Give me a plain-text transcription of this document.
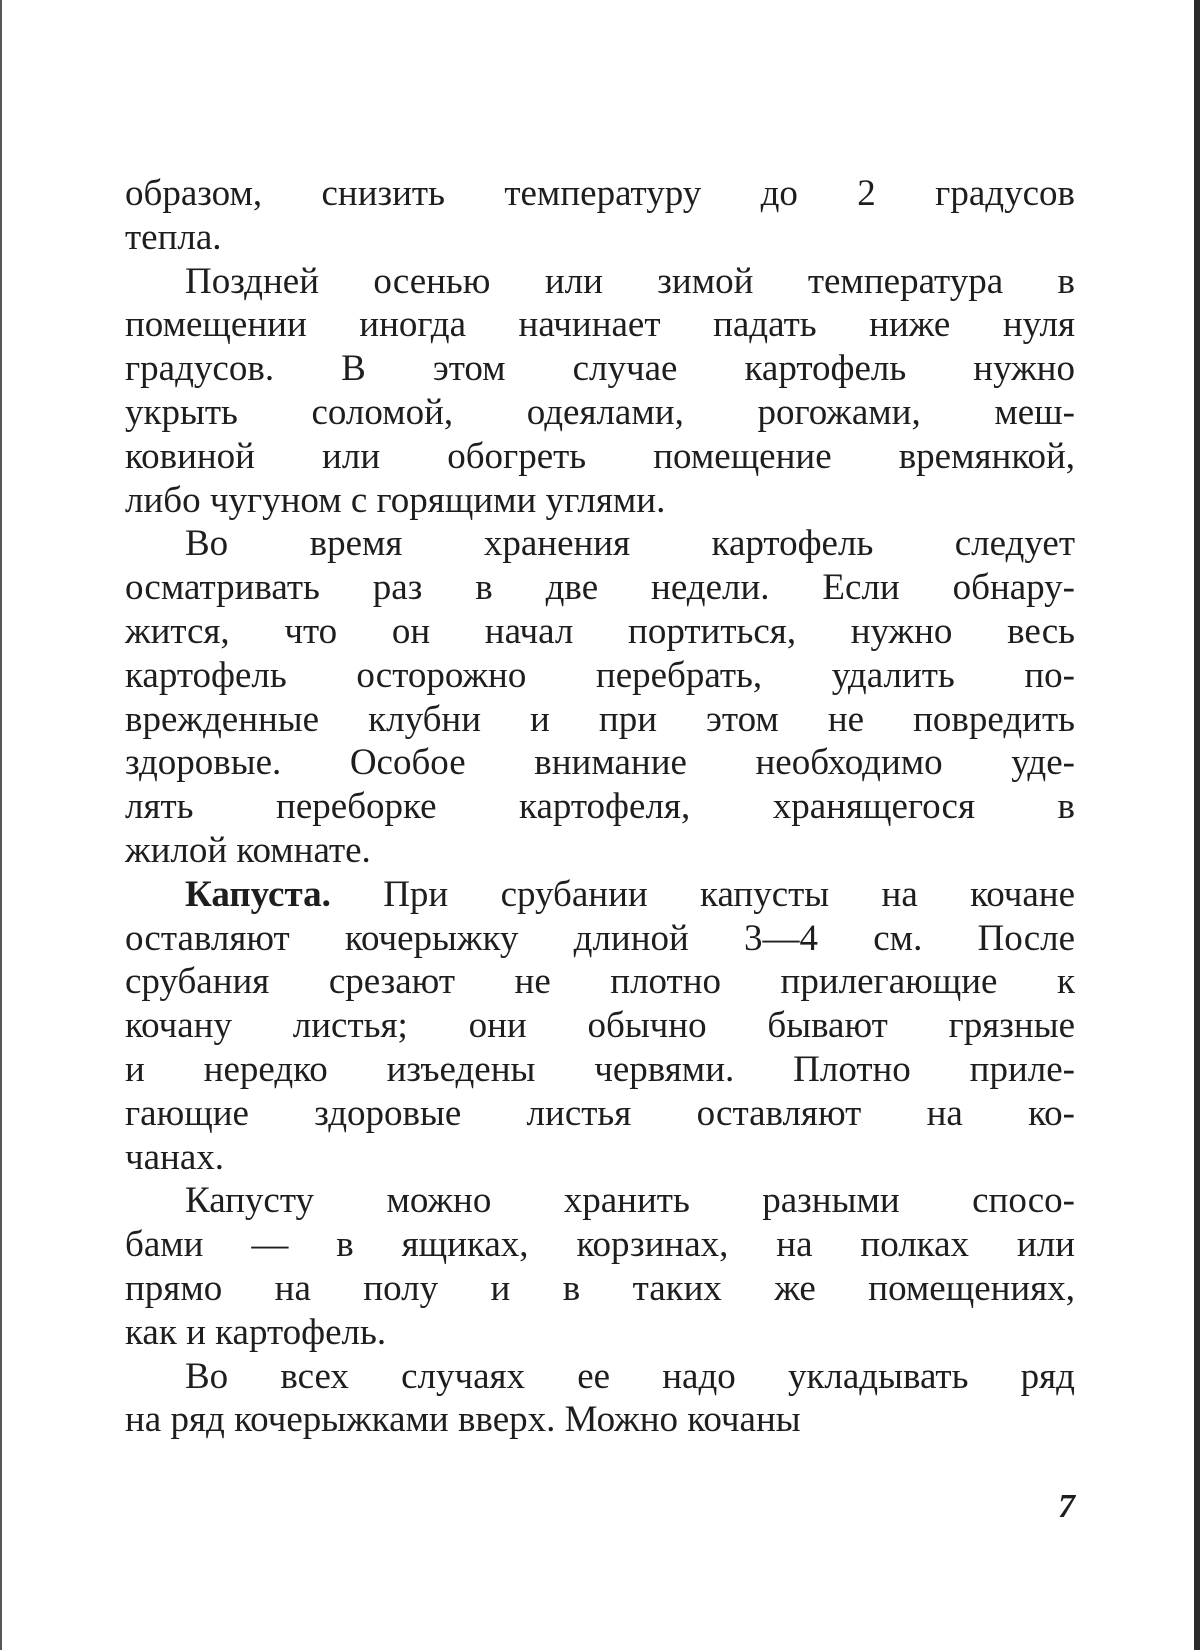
образом, снизить температуру до 2 градусов
тепла.
Поздней осенью или зимой температура в
помещении иногда начинает падать ниже нуля
градусов. В этом случае картофель нужно
укрыть соломой, одеялами, рогожами, меш-
ковиной или обогреть помещение времянкой,
либо чугуном с горящими углями.
Во время хранения картофель следует
осматривать раз в две недели. Если обнару-
жится, что он начал портиться, нужно весь
картофель осторожно перебрать, удалить по-
врежденные клубни и при этом не повредить
здоровые. Особое внимание необходимо уде-
лять переборке картофеля, хранящегося в
жилой комнате.
Капуста. При срубании капусты на кочане
оставляют кочерыжку длиной 3—4 см. После
срубания срезают не плотно прилегающие к
кочану листья; они обычно бывают грязные
и нередко изъедены червями. Плотно приле-
гающие здоровые листья оставляют на ко-
чанах.
Капусту можно хранить разными спосо-
бами — в ящиках, корзинах, на полках или
прямо на полу и в таких же помещениях,
как и картофель.
Во всех случаях ее надо укладывать ряд
на ряд кочерыжками вверх. Можно кочаны
7
